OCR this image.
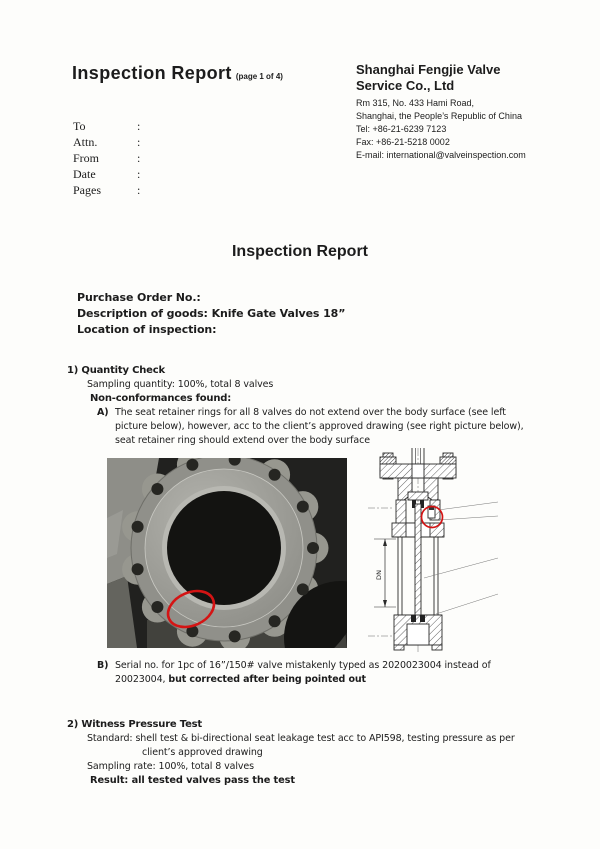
Inspection Report (page 1 of 4)	Shanghai Fengjie Valve
Service Co., Ltd
Rm 315, No. 433 Hami Road,
Shanghai, the People’s Republic of China
Tel: +86-21-6239 7123
Fax: +86-21-5218 0002
E-mail: international@valveinspection.com
To	:
Attn.	:
From	:
Date	:
Pages	:
Inspection Report
Purchase Order No.:
Description of goods: Knife Gate Valves 18”
Location of inspection:
1) Quantity Check
Sampling quantity: 100%, total 8 valves
Non-conformances found:
A) The seat retainer rings for all 8 valves do not extend over the body surface (see left
picture below), however, acc to the client’s approved drawing (see right picture below),
seat retainer ring should extend over the body surface
DN
B) Serial no. for 1pc of 16”/150# valve mistakenly typed as 2020023004 instead of
20023004, but corrected after being pointed out
2) Witness Pressure Test
Standard: shell test & bi-directional seat leakage test acc to API598, testing pressure as per
client’s approved drawing
Sampling rate: 100%, total 8 valves
Result: all tested valves pass the test
